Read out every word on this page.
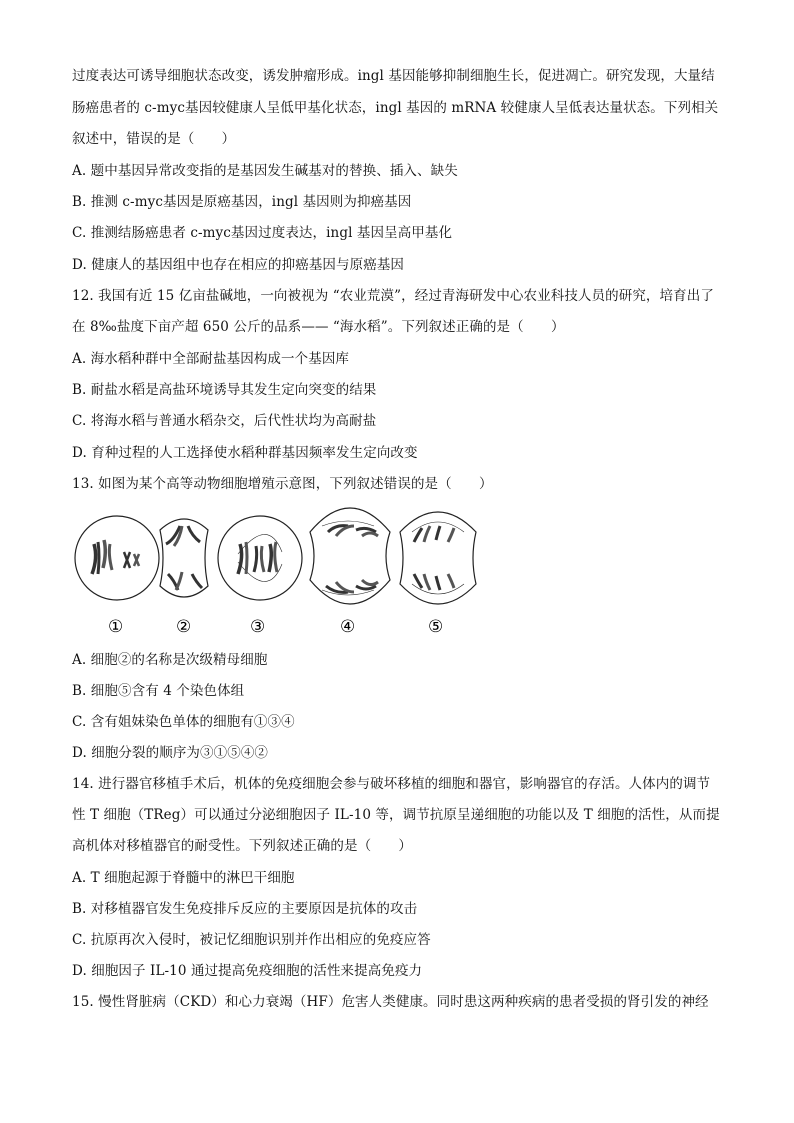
过度表达可诱导细胞状态改变，诱发肿瘤形成。ingl 基因能够抑制细胞生长，促进凋亡。研究发现，大量结
肠癌患者的 c-myc基因较健康人呈低甲基化状态，ingl 基因的 mRNA 较健康人呈低表达量状态。下列相关
叙述中，错误的是（　　）
A. 题中基因异常改变指的是基因发生碱基对的替换、插入、缺失
B. 推测 c-myc基因是原癌基因，ingl 基因则为抑癌基因
C. 推测结肠癌患者 c-myc基因过度表达，ingl 基因呈高甲基化
D. 健康人的基因组中也存在相应的抑癌基因与原癌基因
12. 我国有近 15 亿亩盐碱地，一向被视为 “农业荒漠”，经过青海研发中心农业科技人员的研究，培育出了
在 8‰盐度下亩产超 650 公斤的品系—— “海水稻”。下列叙述正确的是（　　）
A. 海水稻种群中全部耐盐基因构成一个基因库
B. 耐盐水稻是高盐环境诱导其发生定向突变的结果
C. 将海水稻与普通水稻杂交，后代性状均为高耐盐
D. 育种过程的人工选择使水稻种群基因频率发生定向改变
13. 如图为某个高等动物细胞增殖示意图，下列叙述错误的是（　　）
①	②	③	④	⑤
A. 细胞②的名称是次级精母细胞
B. 细胞⑤含有 4 个染色体组
C. 含有姐妹染色单体的细胞有①③④
D. 细胞分裂的顺序为③①⑤④②
14. 进行器官移植手术后，机体的免疫细胞会参与破坏移植的细胞和器官，影响器官的存活。人体内的调节
性 T 细胞（TReg）可以通过分泌细胞因子 IL-10 等，调节抗原呈递细胞的功能以及 T 细胞的活性，从而提
高机体对移植器官的耐受性。下列叙述正确的是（　　）
A. T 细胞起源于脊髓中的淋巴干细胞
B. 对移植器官发生免疫排斥反应的主要原因是抗体的攻击
C. 抗原再次入侵时，被记忆细胞识别并作出相应的免疫应答
D. 细胞因子 IL-10 通过提高免疫细胞的活性来提高免疫力
15. 慢性肾脏病（CKD）和心力衰竭（HF）危害人类健康。同时患这两种疾病的患者受损的肾引发的神经
